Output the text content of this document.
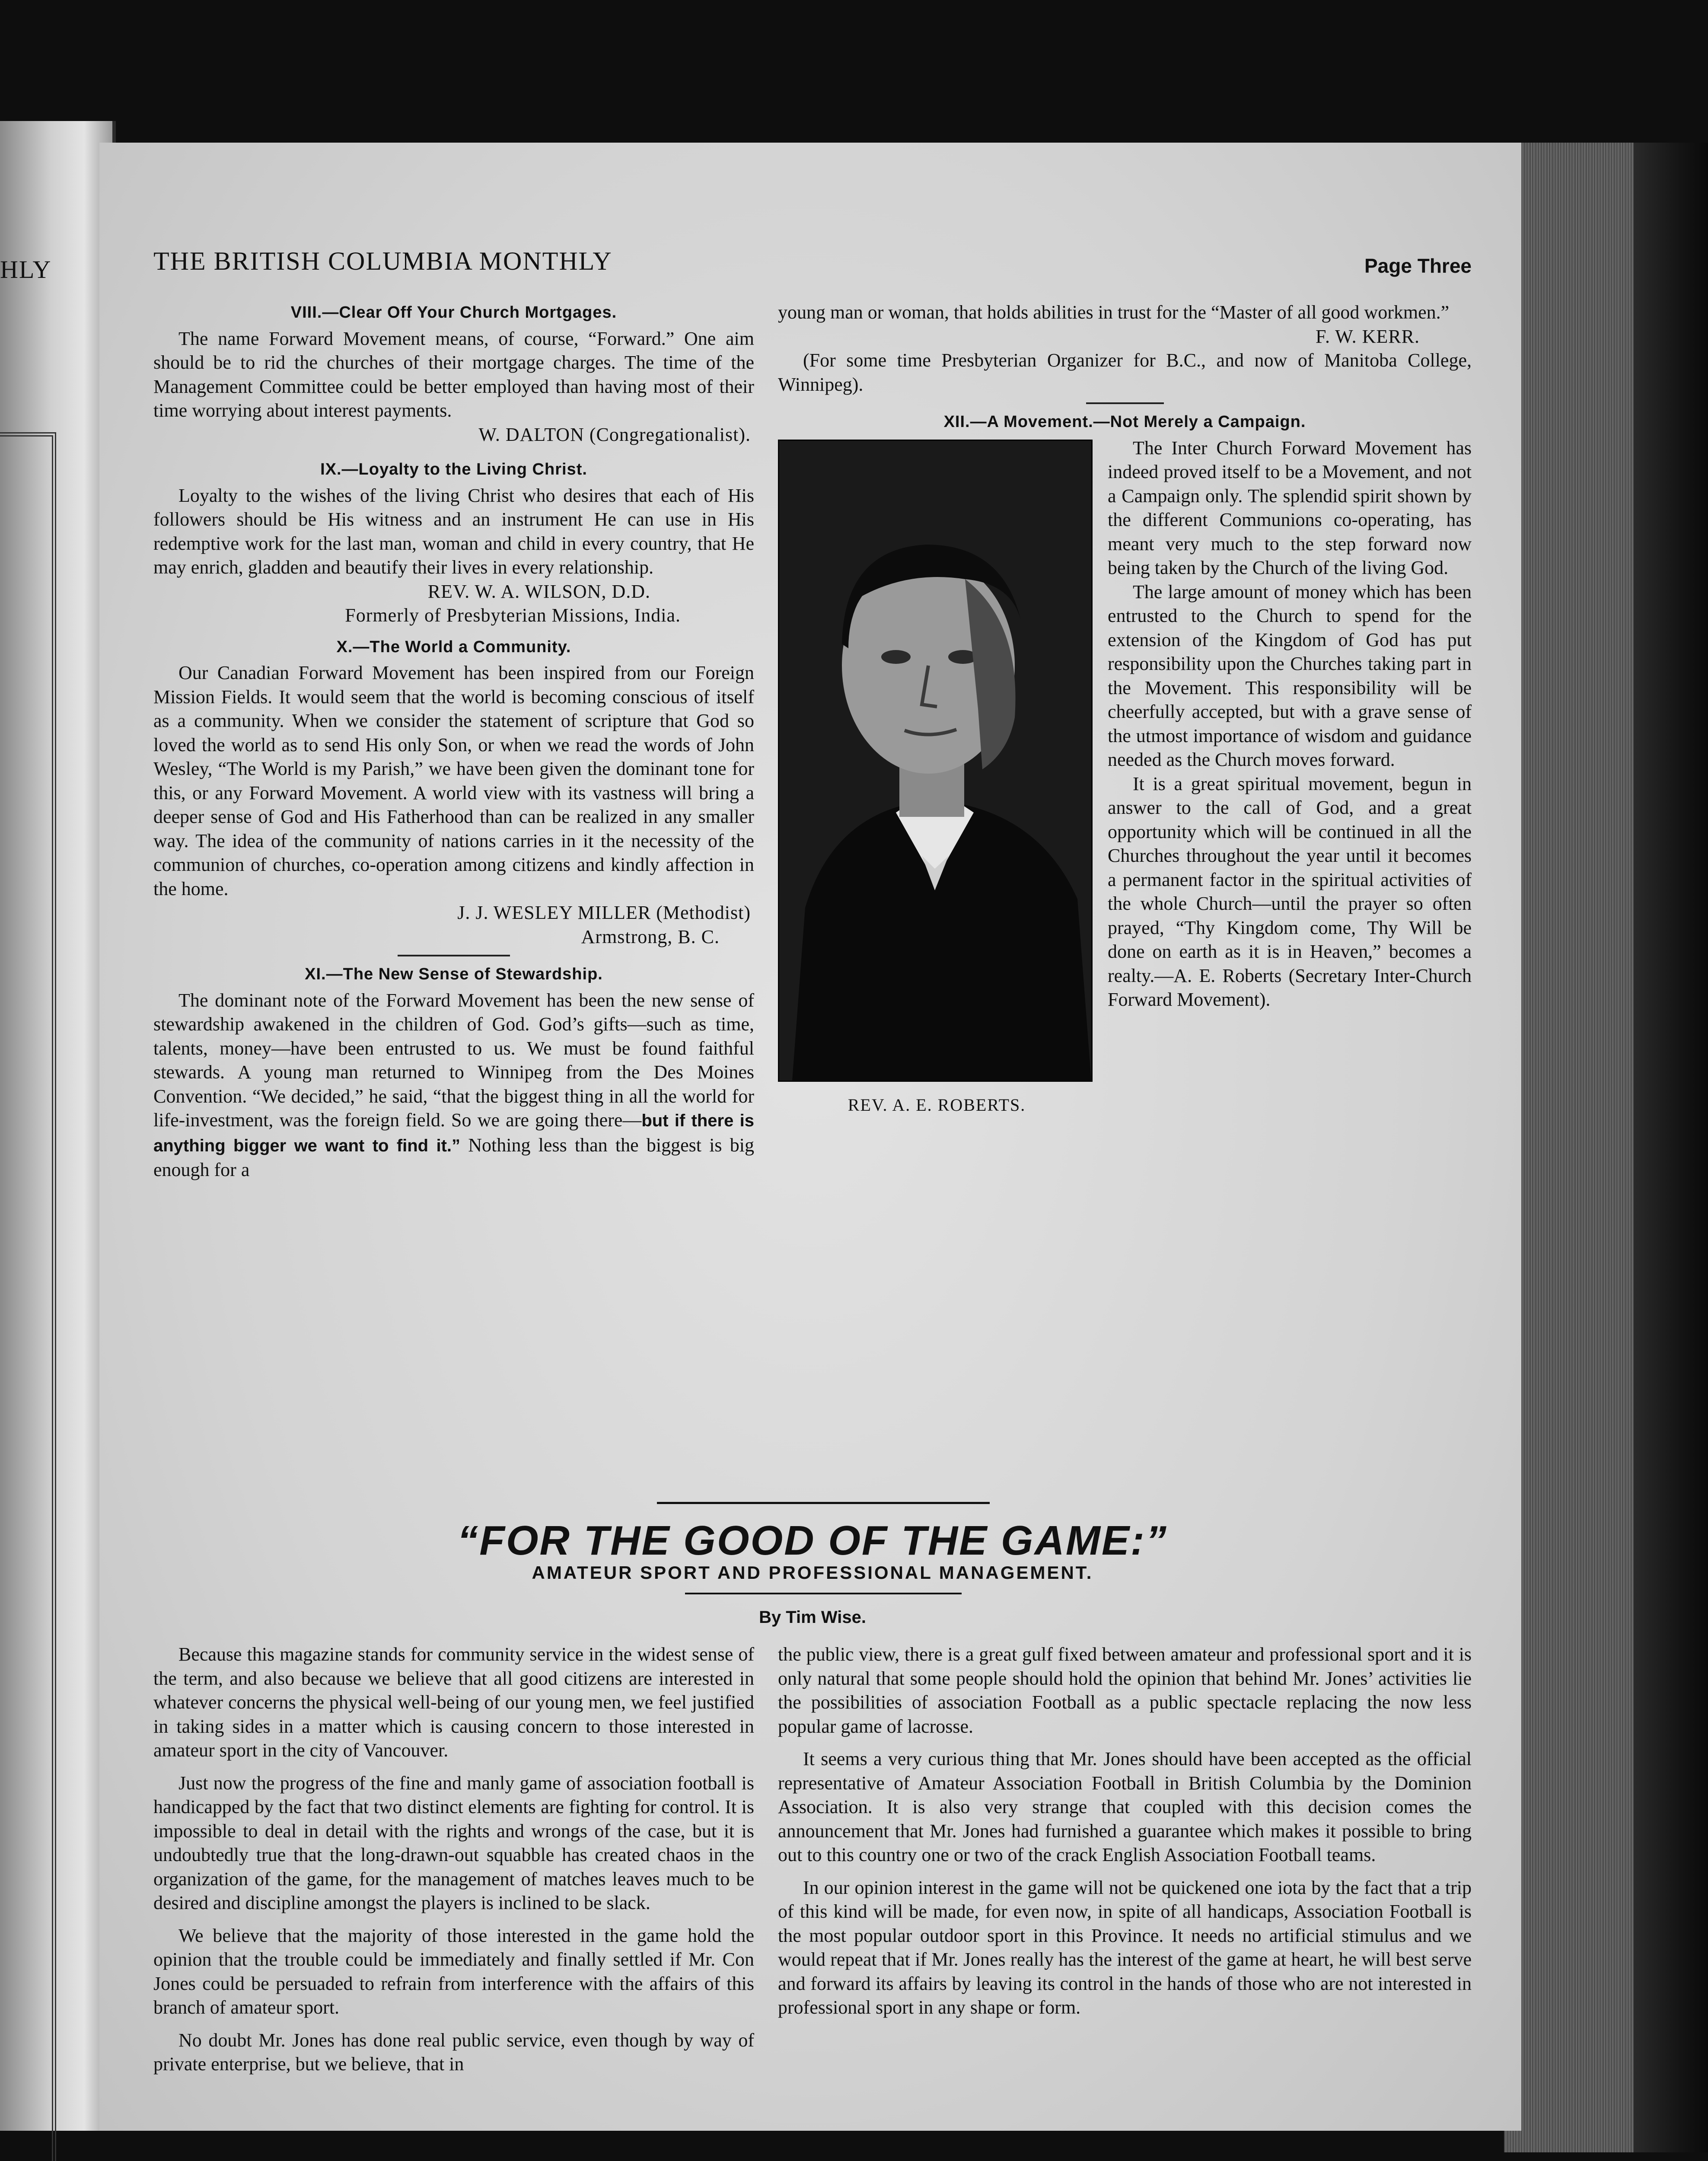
HLY	THE BRITISH COLUMBIA MONTHLY	Page Three
VIII.—Clear Off Your Church Mortgages.

The name Forward Movement means, of course, “Forward.” One aim should be to rid the churches of their mortgage charges. The time of the Management Committee could be better employed than having most of their time worrying about interest payments.

W. DALTON (Congregationalist).
IX.—Loyalty to the Living Christ.

Loyalty to the wishes of the living Christ who desires that each of His followers should be His witness and an instrument He can use in His redemptive work for the last man, woman and child in every country, that He may enrich, gladden and beautify their lives in every relationship.

REV. W. A. WILSON, D.D.
Formerly of Presbyterian Missions, India.
X.—The World a Community.

Our Canadian Forward Movement has been inspired from our Foreign Mission Fields. It would seem that the world is becoming conscious of itself as a community. When we consider the statement of scripture that God so loved the world as to send His only Son, or when we read the words of John Wesley, “The World is my Parish,” we have been given the dominant tone for this, or any Forward Movement. A world view with its vastness will bring a deeper sense of God and His Fatherhood than can be realized in any smaller way. The idea of the community of nations carries in it the necessity of the communion of churches, co-operation among citizens and kindly affection in the home.

J. J. WESLEY MILLER (Methodist)
Armstrong, B. C.
XI.—The New Sense of Stewardship.

The dominant note of the Forward Movement has been the new sense of stewardship awakened in the children of God. God’s gifts—such as time, talents, money—have been entrusted to us. We must be found faithful stewards. A young man returned to Winnipeg from the Des Moines Convention. “We decided,” he said, “that the biggest thing in all the world for life-investment, was the foreign field. So we are going there—but if there is anything bigger we want to find it.” Nothing less than the biggest is big enough for a

young man or woman, that holds abilities in trust for the “Master of all good workmen.”

F. W. KERR.

(For some time Presbyterian Organizer for B.C., and now of Manitoba College, Winnipeg).

XII.—A Movement.—Not Merely a Campaign.
REV. A. E. ROBERTS.

The Inter Church Forward Movement has indeed proved itself to be a Movement, and not a Campaign only. The splendid spirit shown by the different Communions co-operating, has meant very much to the step forward now being taken by the Church of the living God.

The large amount of money which has been entrusted to the Church to spend for the extension of the Kingdom of God has put responsibility upon the Churches taking part in the Movement. This responsibility will be cheerfully accepted, but with a grave sense of the utmost importance of wisdom and guidance needed as the Church moves forward.

It is a great spiritual movement, begun in answer to the call of God, and a great opportunity which will be continued in all the Churches throughout the year until it becomes a permanent factor in the spiritual activities of the whole Church—until the prayer so often prayed, “Thy Kingdom come, Thy Will be done on earth as it is in Heaven,” becomes a realty.—A. E. Roberts (Secretary Inter-Church Forward Movement).

“FOR THE GOOD OF THE GAME:”
AMATEUR SPORT AND PROFESSIONAL MANAGEMENT.
By Tim Wise.

Because this magazine stands for community service in the widest sense of the term, and also because we believe that all good citizens are interested in whatever concerns the physical well-being of our young men, we feel justified in taking sides in a matter which is causing concern to those interested in amateur sport in the city of Vancouver.

Just now the progress of the fine and manly game of association football is handicapped by the fact that two distinct elements are fighting for control. It is impossible to deal in detail with the rights and wrongs of the case, but it is undoubtedly true that the long-drawn-out squabble has created chaos in the organization of the game, for the management of matches leaves much to be desired and discipline amongst the players is inclined to be slack.

We believe that the majority of those interested in the game hold the opinion that the trouble could be immediately and finally settled if Mr. Con Jones could be persuaded to refrain from interference with the affairs of this branch of amateur sport.

No doubt Mr. Jones has done real public service, even though by way of private enterprise, but we believe, that in

the public view, there is a great gulf fixed between amateur and professional sport and it is only natural that some people should hold the opinion that behind Mr. Jones’ activities lie the possibilities of association Football as a public spectacle replacing the now less popular game of lacrosse.

It seems a very curious thing that Mr. Jones should have been accepted as the official representative of Amateur Association Football in British Columbia by the Dominion Association. It is also very strange that coupled with this decision comes the announcement that Mr. Jones had furnished a guarantee which makes it possible to bring out to this country one or two of the crack English Association Football teams.

In our opinion interest in the game will not be quickened one iota by the fact that a trip of this kind will be made, for even now, in spite of all handicaps, Association Football is the most popular outdoor sport in this Province. It needs no artificial stimulus and we would repeat that if Mr. Jones really has the interest of the game at heart, he will best serve and forward its affairs by leaving its control in the hands of those who are not interested in professional sport in any shape or form.
